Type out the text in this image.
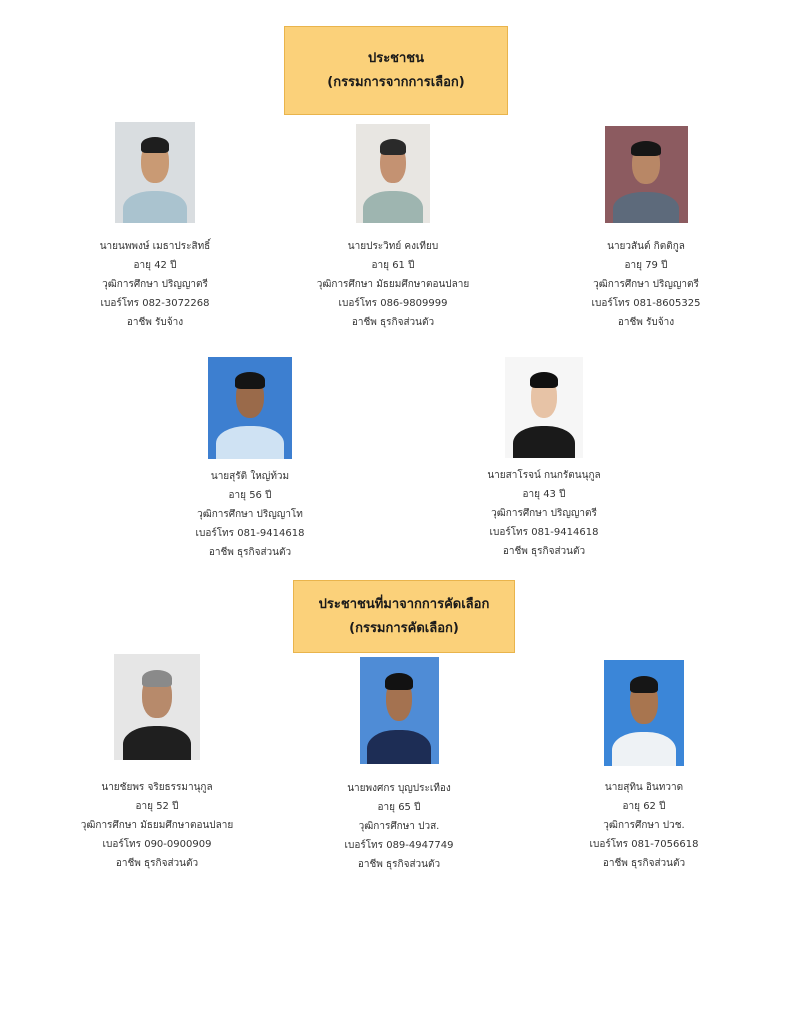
ประชาชน
(กรรมการจากการเลือก)
นายนพพงษ์ เมธาประสิทธิ์
อายุ 42 ปี
วุฒิการศึกษา ปริญญาตรี
เบอร์โทร 082-3072268
อาชีพ รับจ้าง
นายประวิทย์ คงเทียบ
อายุ 61 ปี
วุฒิการศึกษา มัธยมศึกษาตอนปลาย
เบอร์โทร 086-9809999
อาชีพ ธุรกิจส่วนตัว
นายวสันต์ กิตติกูล
อายุ 79 ปี
วุฒิการศึกษา ปริญญาตรี
เบอร์โทร 081-8605325
อาชีพ รับจ้าง
นายสุรัติ ใหญ่ท้วม
อายุ 56 ปี
วุฒิการศึกษา ปริญญาโท
เบอร์โทร 081-9414618
อาชีพ ธุรกิจส่วนตัว
นายสาโรจน์ กนกรัตนนุกูล
อายุ 43 ปี
วุฒิการศึกษา ปริญญาตรี
เบอร์โทร 081-9414618
อาชีพ ธุรกิจส่วนตัว
ประชาชนที่มาจากการคัดเลือก
(กรรมการคัดเลือก)
นายชัยพร จริยธรรมานุกูล
อายุ 52 ปี
วุฒิการศึกษา มัธยมศึกษาตอนปลาย
เบอร์โทร 090-0900909
อาชีพ ธุรกิจส่วนตัว
นายพงศกร บุญประเทือง
อายุ 65 ปี
วุฒิการศึกษา ปวส.
เบอร์โทร 089-4947749
อาชีพ ธุรกิจส่วนตัว
นายสุทิน อินทวาด
อายุ 62 ปี
วุฒิการศึกษา ปวช.
เบอร์โทร 081-7056618
อาชีพ ธุรกิจส่วนตัว
